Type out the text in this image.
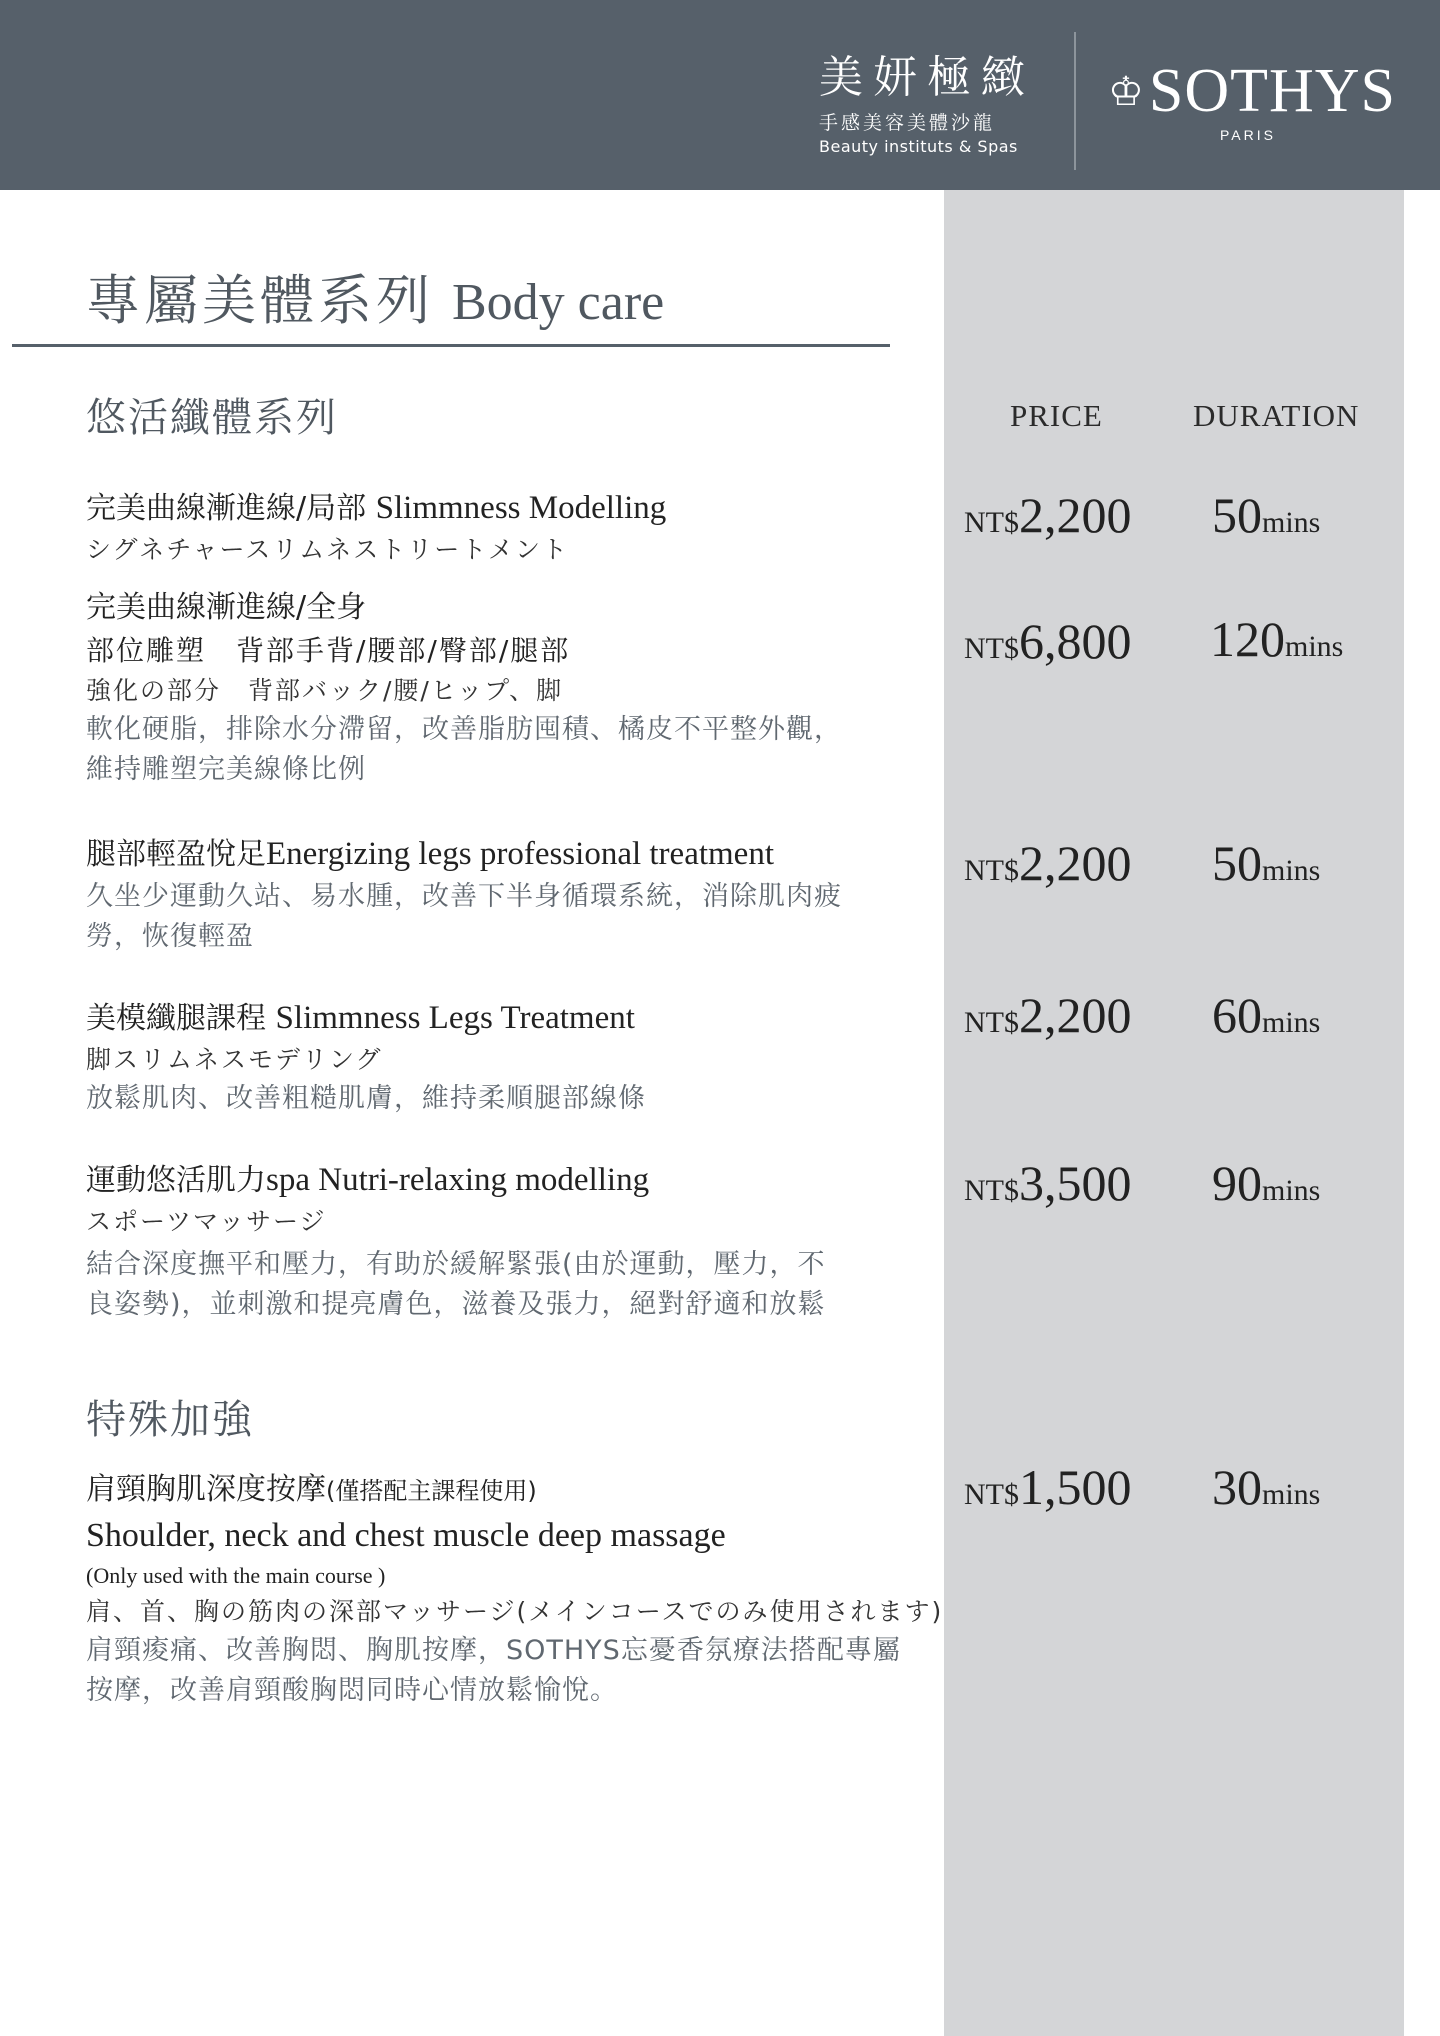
美妍極緻
手感美容美體沙龍
Beauty instituts & Spas
♔SOTHYS
PARIS
專屬美體系列 Body care
悠活纖體系列	PRICE	DURATION
完美曲線漸進線/局部 Slimmness Modelling
シグネチャースリムネストリートメント
NT$2,200 50mins
完美曲線漸進線/全身
部位雕塑　背部手背/腰部/臀部/腿部
強化の部分　背部バック/腰/ヒップ、脚
軟化硬脂，排除水分滯留，改善脂肪囤積、橘皮不平整外觀，
維持雕塑完美線條比例
NT$6,800 120mins
腿部輕盈悅足Energizing legs professional treatment
久坐少運動久站、易水腫，改善下半身循環系統，消除肌肉疲
勞，恢復輕盈
NT$2,200 50mins
美模纖腿課程 Slimmness Legs Treatment
脚スリムネスモデリング
放鬆肌肉、改善粗糙肌膚，維持柔順腿部線條
NT$2,200 60mins
運動悠活肌力spa Nutri-relaxing modelling
スポーツマッサージ
結合深度撫平和壓力，有助於緩解緊張(由於運動，壓力，不
良姿勢)，並刺激和提亮膚色，滋養及張力，絕對舒適和放鬆
NT$3,500 90mins
特殊加強
肩頸胸肌深度按摩(僅搭配主課程使用)
Shoulder, neck and chest muscle deep massage
(Only used with the main course )
肩、首、胸の筋肉の深部マッサージ(メインコースでのみ使用されます)
肩頸痠痛、改善胸悶、胸肌按摩，SOTHYS忘憂香氛療法搭配專屬
按摩，改善肩頸酸胸悶同時心情放鬆愉悅。
NT$1,500 30mins
